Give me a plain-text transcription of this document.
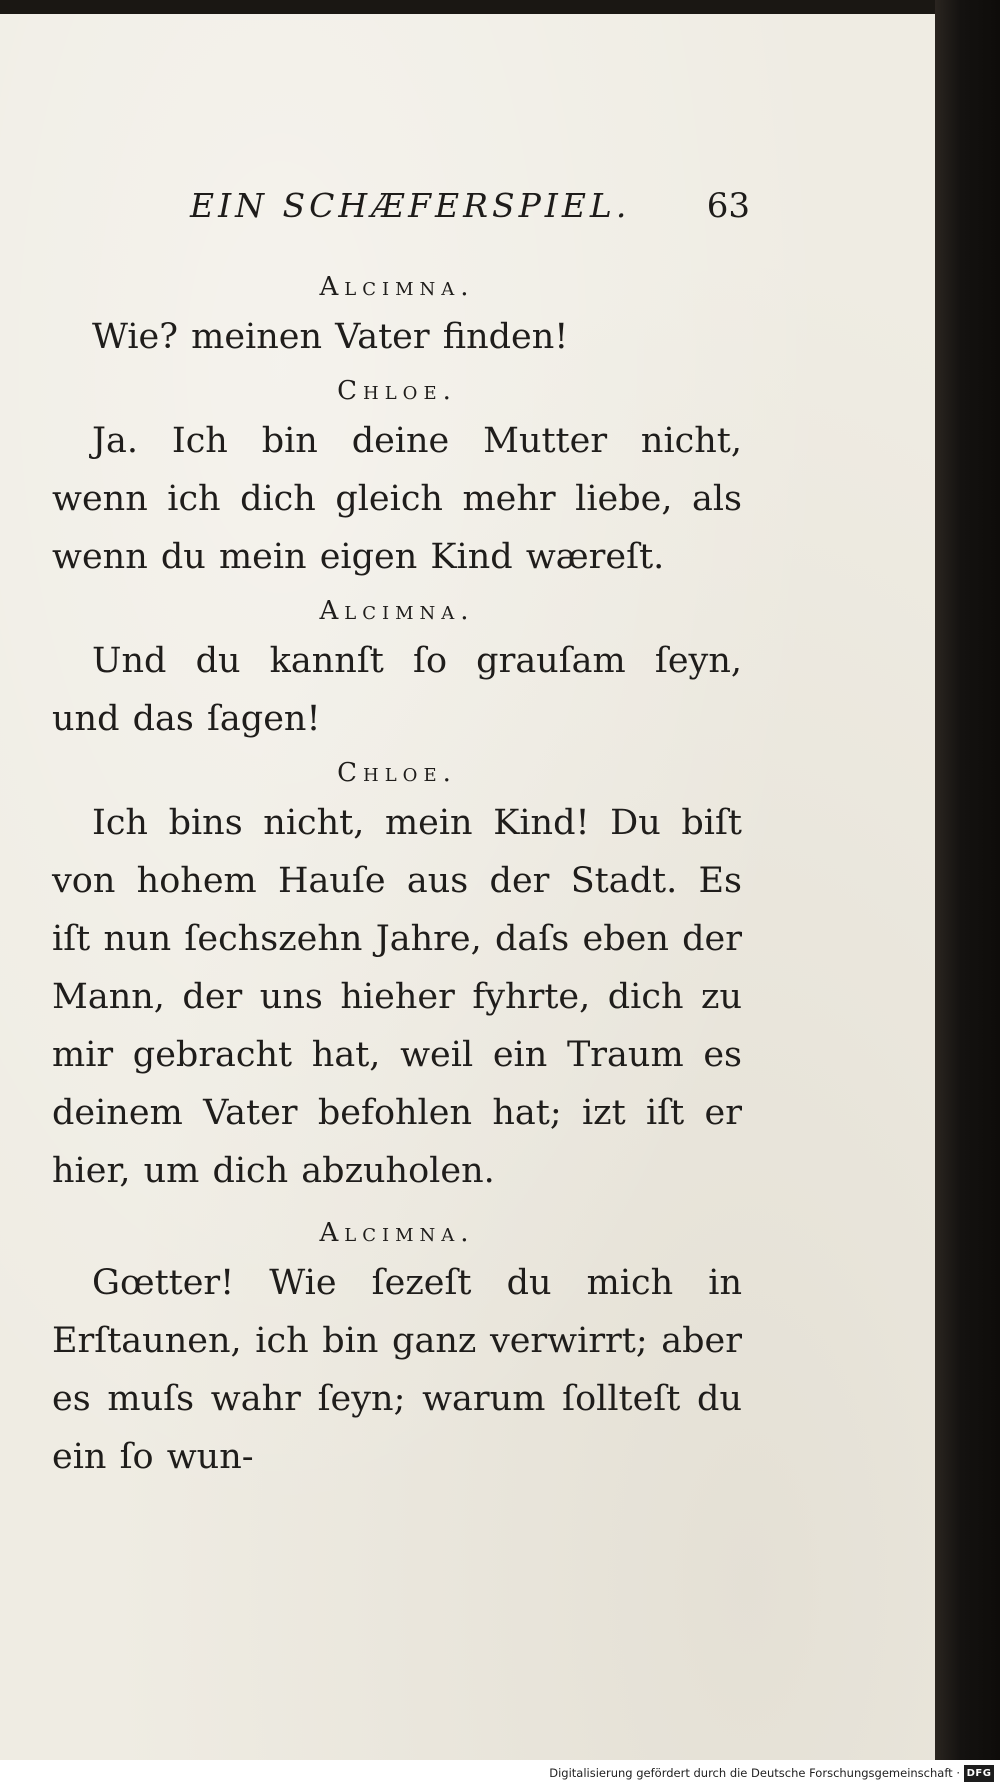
EIN SCHÆFERSPIEL. 63

Alcimna.

Wie? meinen Vater finden!

Chloe.

Ja. Ich bin deine Mutter nicht, wenn ich dich gleich mehr liebe, als wenn du mein eigen Kind wæreſt.

Alcimna.

Und du kannſt ſo grauſam ſeyn, und das ſagen!

Chloe.

Ich bins nicht, mein Kind! Du biſt von hohem Hauſe aus der Stadt. Es iſt nun ſechszehn Jahre, daſs eben der Mann, der uns hieher fyhrte, dich zu mir gebracht hat, weil ein Traum es deinem Vater befohlen hat; izt iſt er hier, um dich abzuholen.

Alcimna.

Gœtter! Wie ſezeſt du mich in Erſtaunen, ich bin ganz verwirrt; aber es muſs wahr ſeyn; warum ſollteſt du ein ſo wun-

Digitalisierung gefördert durch die Deutsche Forschungsgemeinschaft · DFG
